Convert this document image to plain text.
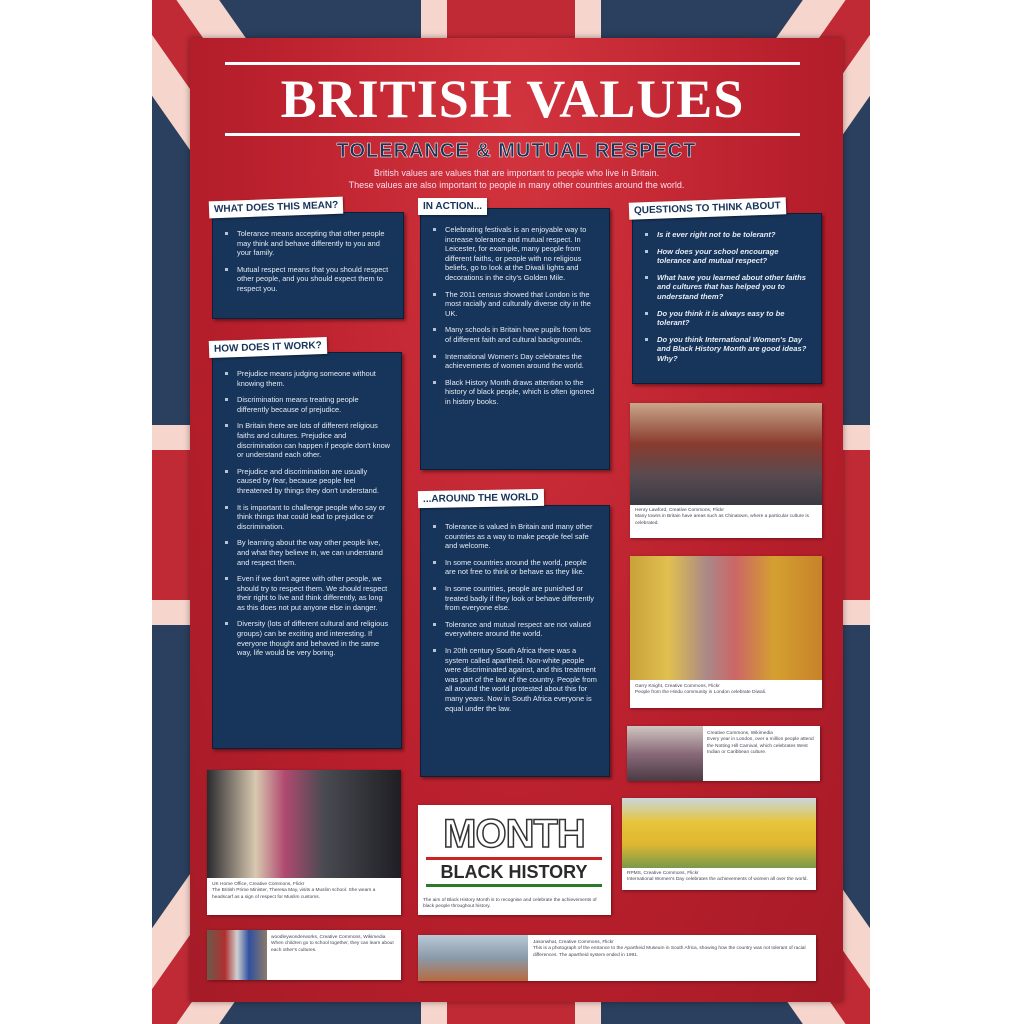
BRITISH VALUES
TOLERANCE & MUTUAL RESPECT
British values are values that are important to people who live in Britain.
These values are also important to people in many other countries around the world.
Tolerance means accepting that other people may think and behave differently to you and your family.
Mutual respect means that you should respect other people, and you should expect them to respect you.
WHAT DOES THIS MEAN?
Prejudice means judging someone without knowing them.
Discrimination means treating people differently because of prejudice.
In Britain there are lots of different religious faiths and cultures. Prejudice and discrimination can happen if people don't know or understand each other.
Prejudice and discrimination are usually caused by fear, because people feel threatened by things they don't understand.
It is important to challenge people who say or think things that could lead to prejudice or discrimination.
By learning about the way other people live, and what they believe in, we can understand and respect them.
Even if we don't agree with other people, we should try to respect them. We should respect their right to live and think differently, as long as this does not put anyone else in danger.
Diversity (lots of different cultural and religious groups) can be exciting and interesting. If everyone thought and behaved in the same way, life would be very boring.
HOW DOES IT WORK?
Celebrating festivals is an enjoyable way to increase tolerance and mutual respect. In Leicester, for example, many people from different faiths, or people with no religious beliefs, go to look at the Diwali lights and decorations in the city's Golden Mile.
The 2011 census showed that London is the most racially and culturally diverse city in the UK.
Many schools in Britain have pupils from lots of different faith and cultural backgrounds.
International Women's Day celebrates the achievements of women around the world.
Black History Month draws attention to the history of black people, which is often ignored in history books.
IN ACTION...
Tolerance is valued in Britain and many other countries as a way to make people feel safe and welcome.
In some countries around the world, people are not free to think or behave as they like.
In some countries, people are punished or treated badly if they look or behave differently from everyone else.
Tolerance and mutual respect are not valued everywhere around the world.
In 20th century South Africa there was a system called apartheid. Non-white people were discriminated against, and this treatment was part of the law of the country. People from all around the world protested about this for many years. Now in South Africa everyone is equal under the law.
...AROUND THE WORLD
Is it ever right not to be tolerant?
How does your school encourage tolerance and mutual respect?
What have you learned about other faiths and cultures that has helped you to understand them?
Do you think it is always easy to be tolerant?
Do you think International Women's Day and Black History Month are good ideas? Why?
QUESTIONS TO THINK ABOUT
Henry Lawford, Creative Commons, Flickr
Many towns in Britain have areas such as Chinatown, where a particular culture is celebrated.
Garry Knight, Creative Commons, Flickr
People from the Hindu community in London celebrate Diwali.
Creative Commons, Wikimedia
Every year in London, over a million people attend the Notting Hill Carnival, which celebrates West Indian or Caribbean culture.
RPMS, Creative Commons, Flickr
International Women's Day celebrates the achievements of women all over the world.
UK Home Office, Creative Commons, Flickr
The British Prime Minister, Theresa May, visits a Muslim school. She wears a headscarf as a sign of respect for Muslim customs.
MONTH
BLACK HISTORY
The aim of Black History Month is to recognise and celebrate the achievements of black people throughout history.
woodleywonderworks, Creative Commons, Wikimedia
When children go to school together, they can learn about each other's cultures.
Jasonwhat, Creative Commons, Flickr
This is a photograph of the entrance to the Apartheid Museum in South Africa, showing how the country was not tolerant of racial differences. The apartheid system ended in 1991.
